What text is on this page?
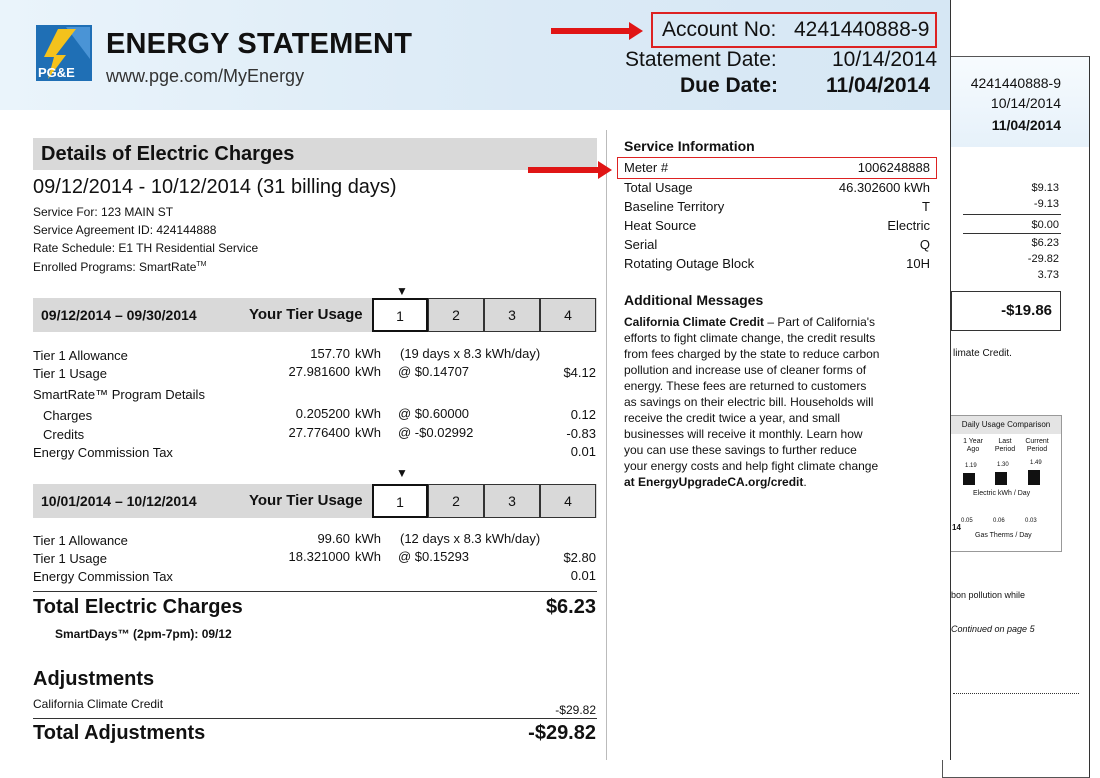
4241440888-9
10/14/2014
11/04/2014
$9.13
-9.13
$0.00
$6.23
-29.82
3.73
-$19.86
limate Credit.
bon pollution while
Continued on page 5
Daily Usage Comparison
1 Year Ago
Last Period
Current Period
1.19	1.30	1.49
Electric kWh / Day
0.05	0.06	0.03
Gas Therms / Day
14
PG&E
ENERGY STATEMENT
www.pge.com/MyEnergy
Account No: 4241440888-9
Statement Date:	10/14/2014
Due Date: 11/04/2014
Details of Electric Charges
09/12/2014 - 10/12/2014 (31 billing days)
Service For: 123 MAIN ST
Service Agreement ID: 424144888
Rate Schedule: E1 TH Residential Service
Enrolled Programs: SmartRate™
▼
09/12/2014 – 09/30/2014	Your Tier Usage	1	2	3	4
Tier 1 Allowance	157.70 kWh (19 days x 8.3 kWh/day)
Tier 1 Usage	27.981600 kWh @ $0.14707	$4.12
SmartRate™ Program Details
Charges	0.205200 kWh @ $0.60000	0.12
Credits	27.776400 kWh @ -$0.02992	-0.83
Energy Commission Tax	0.01
▼
10/01/2014 – 10/12/2014	Your Tier Usage	1	2	3	4
Tier 1 Allowance	99.60 kWh (12 days x 8.3 kWh/day)
Tier 1 Usage	18.321000 kWh @ $0.15293	$2.80
Energy Commission Tax	0.01
Total Electric Charges	$6.23
SmartDays™ (2pm-7pm): 09/12
Adjustments
California Climate Credit	-$29.82
Total Adjustments	-$29.82
Service Information
Meter #	1006248888
Total Usage	46.302600 kWh
Baseline Territory	T
Heat Source	Electric
Serial	Q
Rotating Outage Block	10H
Additional Messages
California Climate Credit – Part of California's
efforts to fight climate change, the credit results
from fees charged by the state to reduce carbon
pollution and increase use of cleaner forms of
energy. These fees are returned to customers
as savings on their electric bill. Households will
receive the credit twice a year, and small
businesses will receive it monthly. Learn how
you can use these savings to further reduce
your energy costs and help fight climate change
at EnergyUpgradeCA.org/credit.
